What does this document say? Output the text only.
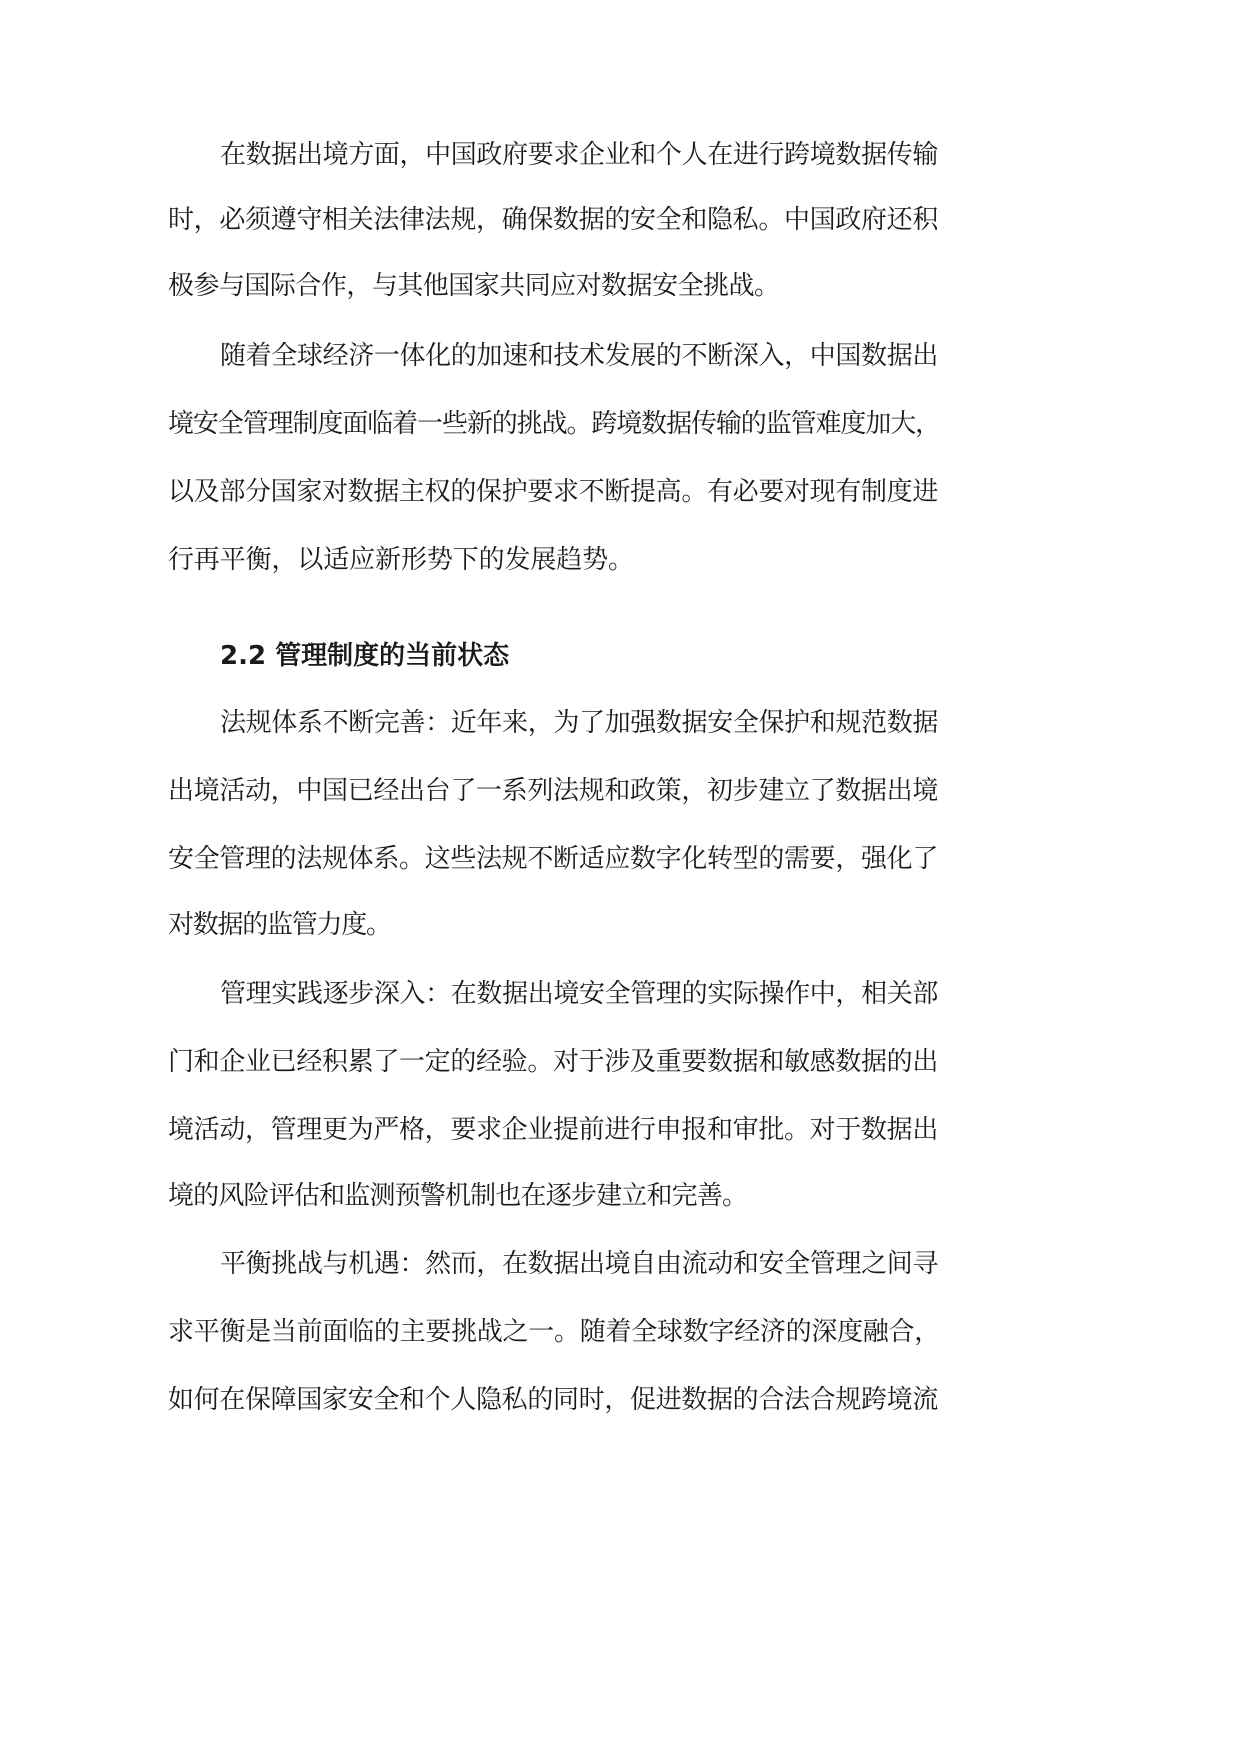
在数据出境方面，中国政府要求企业和个人在进行跨境数据传输
时，必须遵守相关法律法规，确保数据的安全和隐私。中国政府还积
极参与国际合作，与其他国家共同应对数据安全挑战。
随着全球经济一体化的加速和技术发展的不断深入，中国数据出
境安全管理制度面临着一些新的挑战。跨境数据传输的监管难度加大，
以及部分国家对数据主权的保护要求不断提高。有必要对现有制度进
行再平衡，以适应新形势下的发展趋势。
2.2 管理制度的当前状态
法规体系不断完善：近年来，为了加强数据安全保护和规范数据
出境活动，中国已经出台了一系列法规和政策，初步建立了数据出境
安全管理的法规体系。这些法规不断适应数字化转型的需要，强化了
对数据的监管力度。
管理实践逐步深入：在数据出境安全管理的实际操作中，相关部
门和企业已经积累了一定的经验。对于涉及重要数据和敏感数据的出
境活动，管理更为严格，要求企业提前进行申报和审批。对于数据出
境的风险评估和监测预警机制也在逐步建立和完善。
平衡挑战与机遇：然而，在数据出境自由流动和安全管理之间寻
求平衡是当前面临的主要挑战之一。随着全球数字经济的深度融合，
如何在保障国家安全和个人隐私的同时，促进数据的合法合规跨境流
